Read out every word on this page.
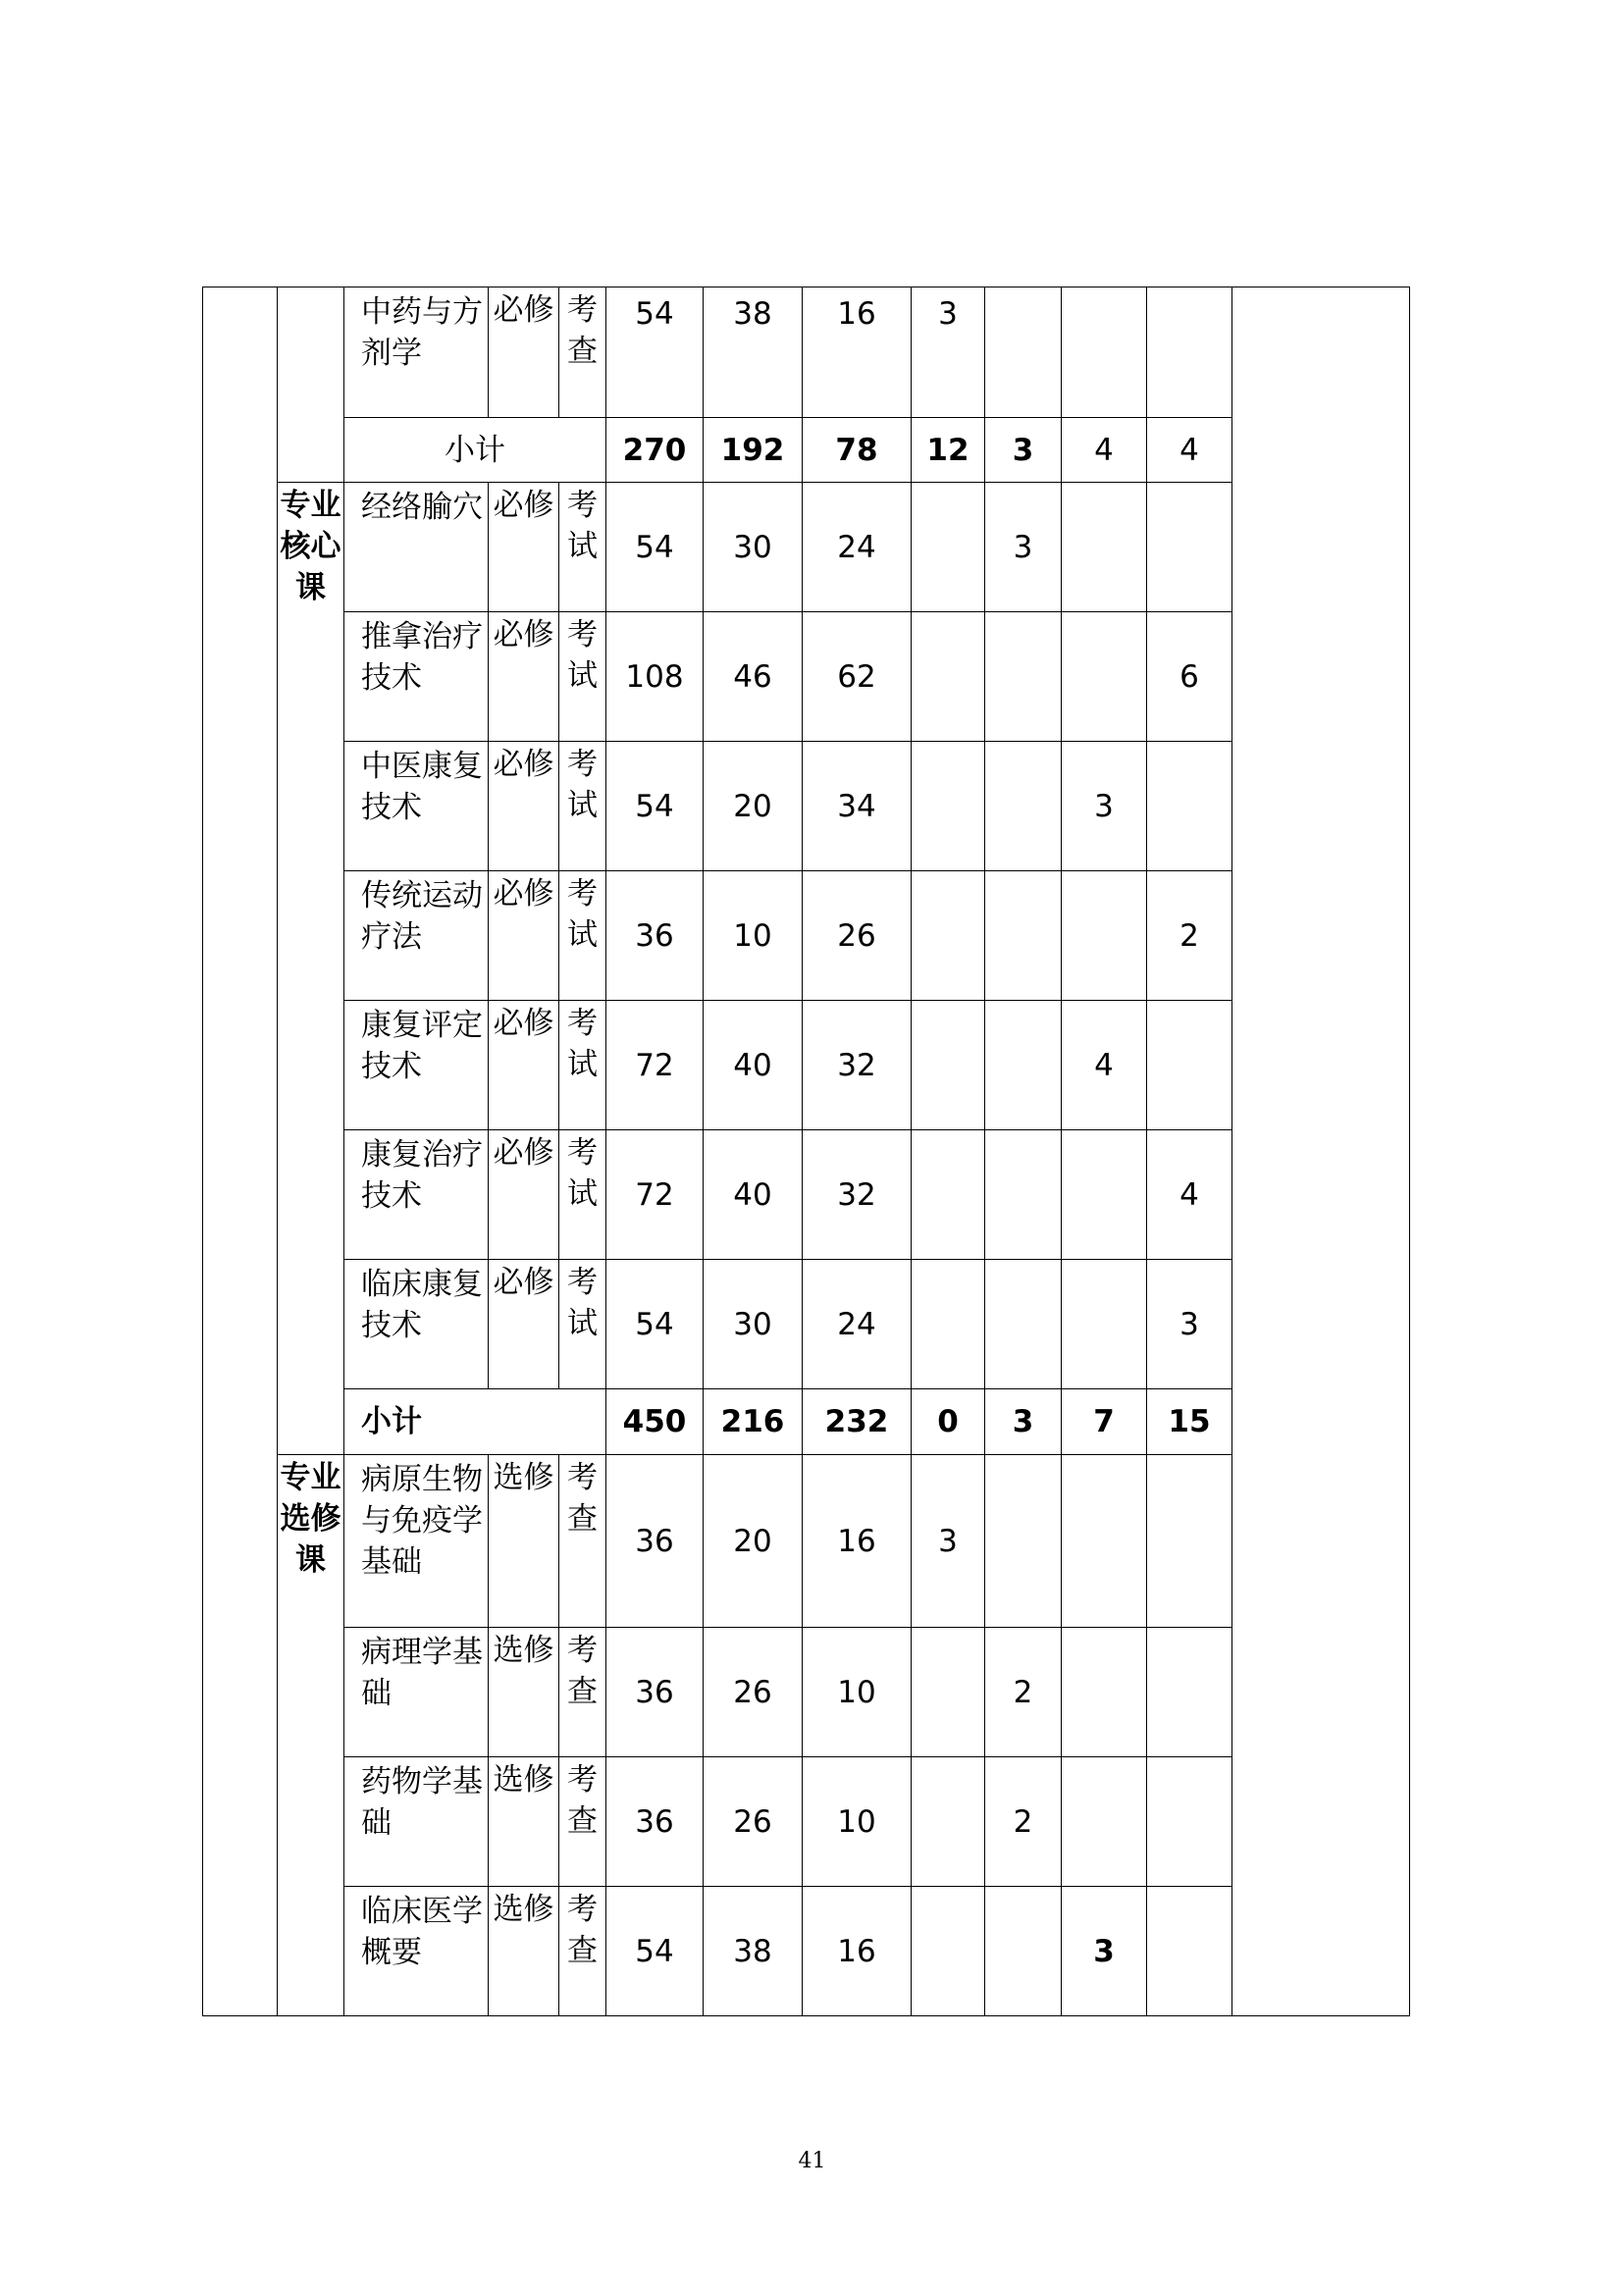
		中药与方剂学	必修	考查	54	38	16	3				
		小计			270	192	78	12	3	4	4	
	专业核心课	经络腧穴	必修	考试	54	30	24		3			
		推拿治疗技术	必修	考试	108	46	62				6	
		中医康复技术	必修	考试	54	20	34			3		
		传统运动疗法	必修	考试	36	10	26				2	
		康复评定技术	必修	考试	72	40	32			4		
		康复治疗技术	必修	考试	72	40	32				4	
		临床康复技术	必修	考试	54	30	24				3	
		小计			450	216	232	0	3	7	15	
	专业选修课	病原生物与免疫学基础	选修	考查	36	20	16	3				
		病理学基础	选修	考查	36	26	10		2			
		药物学基础	选修	考查	36	26	10		2			
		临床医学概要	选修	考查	54	38	16			3		
41
